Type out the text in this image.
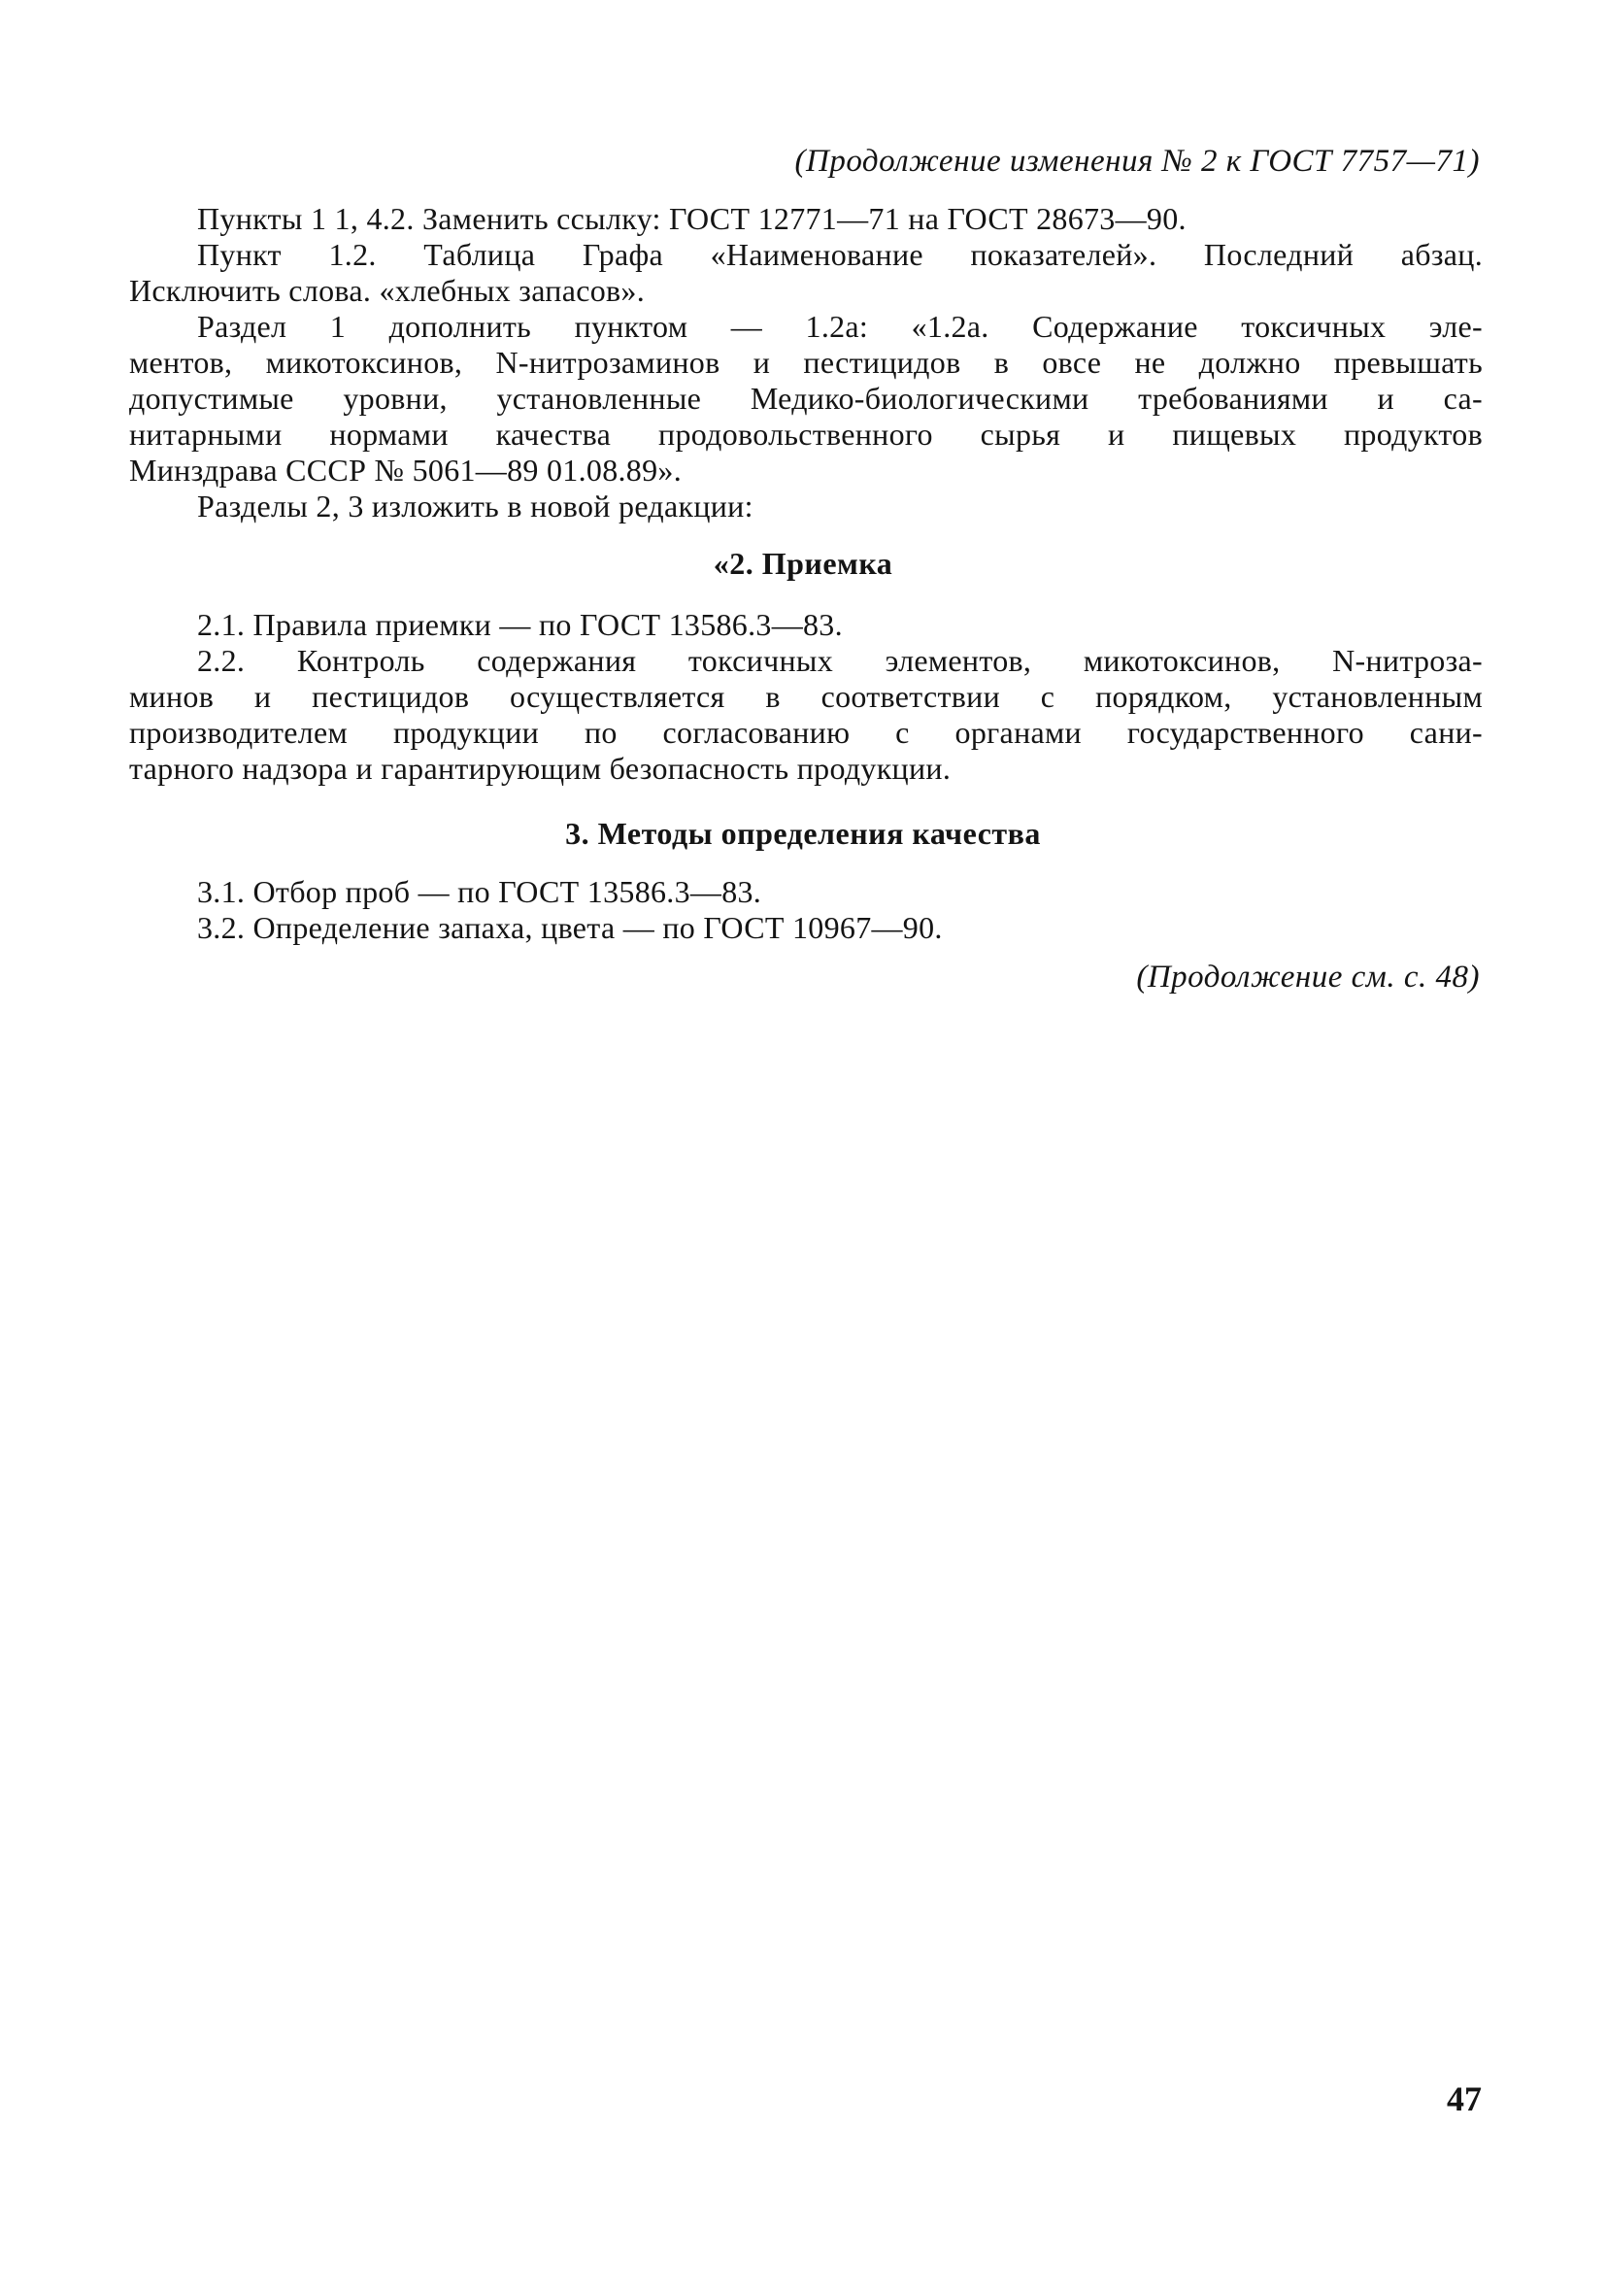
(Продолжение изменения № 2 к ГОСТ 7757—71)
Пункты 1 1, 4.2. Заменить ссылку: ГОСТ 12771—71 на ГОСТ 28673—90.
Пункт 1.2. Таблица Графа «Наименование показателей». Последний абзац.
Исключить слова. «хлебных запасов».
Раздел 1 дополнить пунктом — 1.2а: «1.2а. Содержание токсичных эле-
ментов, микотоксинов, N-нитрозаминов и пестицидов в овсе не должно превышать
допустимые уровни, установленные Медико-биологическими требованиями и са-
нитарными нормами качества продовольственного сырья и пищевых продуктов
Минздрава СССР № 5061—89 01.08.89».
Разделы 2, 3 изложить в новой редакции:
«2. Приемка
2.1. Правила приемки — по ГОСТ 13586.3—83.
2.2. Контроль содержания токсичных элементов, микотоксинов, N-нитроза-
минов и пестицидов осуществляется в соответствии с порядком, установленным
производителем продукции по согласованию с органами государственного сани-
тарного надзора и гарантирующим безопасность продукции.
3. Методы определения качества
3.1. Отбор проб — по ГОСТ 13586.3—83.
3.2. Определение запаха, цвета — по ГОСТ 10967—90.
(Продолжение см. с. 48)
47
